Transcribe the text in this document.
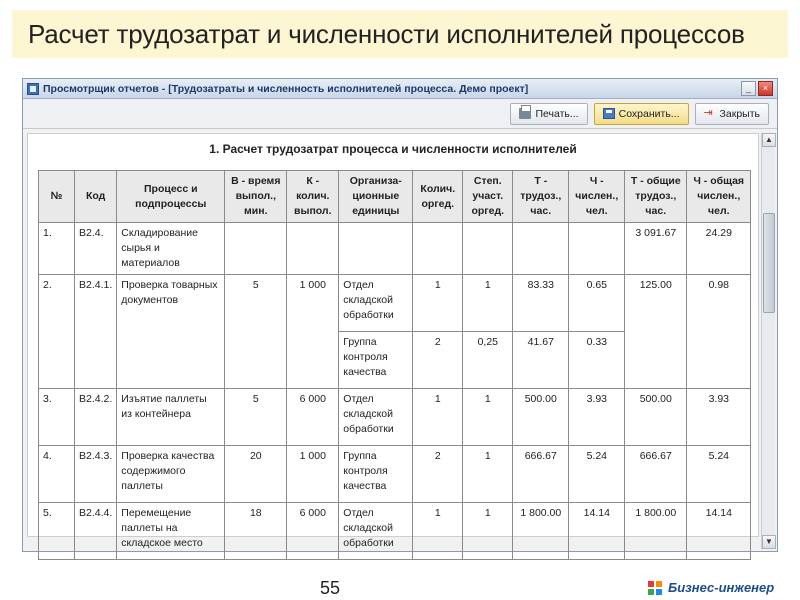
Расчет трудозатрат и численности исполнителей процессов
Просмотрщик отчетов - [Трудозатраты и численность исполнителей процесса. Демо проект]	_	×
Печать...	Сохранить... ⇥ Закрыть
1. Расчет трудозатрат процесса и численности исполнителей
№	Код	Процесс и подпроцессы	В - время выпол., мин.	К - колич. выпол.	Организа-ционные единицы	Колич. оргед.	Степ. участ. оргед.	Т - трудоз., час.	Ч - числен., чел.	Т - общие трудоз., час.	Ч - общая числен., чел.
1.	В2.4.	Складирование сырья и материалов								3 091.67	24.29
2.	В2.4.1.	Проверка товарных документов	5	1 000	Отдел складской обработки	1	1	83.33	0.65	125.00	0.98
					Группа контроля качества	2	0,25	41.67	0.33		
3.	В2.4.2.	Изъятие паллеты из контейнера	5	6 000	Отдел складской обработки	1	1	500.00	3.93	500.00	3.93
4.	В2.4.3.	Проверка качества содержимого паллеты	20	1 000	Группа контроля качества	2	1	666.67	5.24	666.67	5.24
5.	В2.4.4.	Перемещение паллеты на складское место	18	6 000	Отдел складской обработки	1	1	1 800.00	14.14	1 800.00	14.14
▲
▼
55	Бизнес-инженер
